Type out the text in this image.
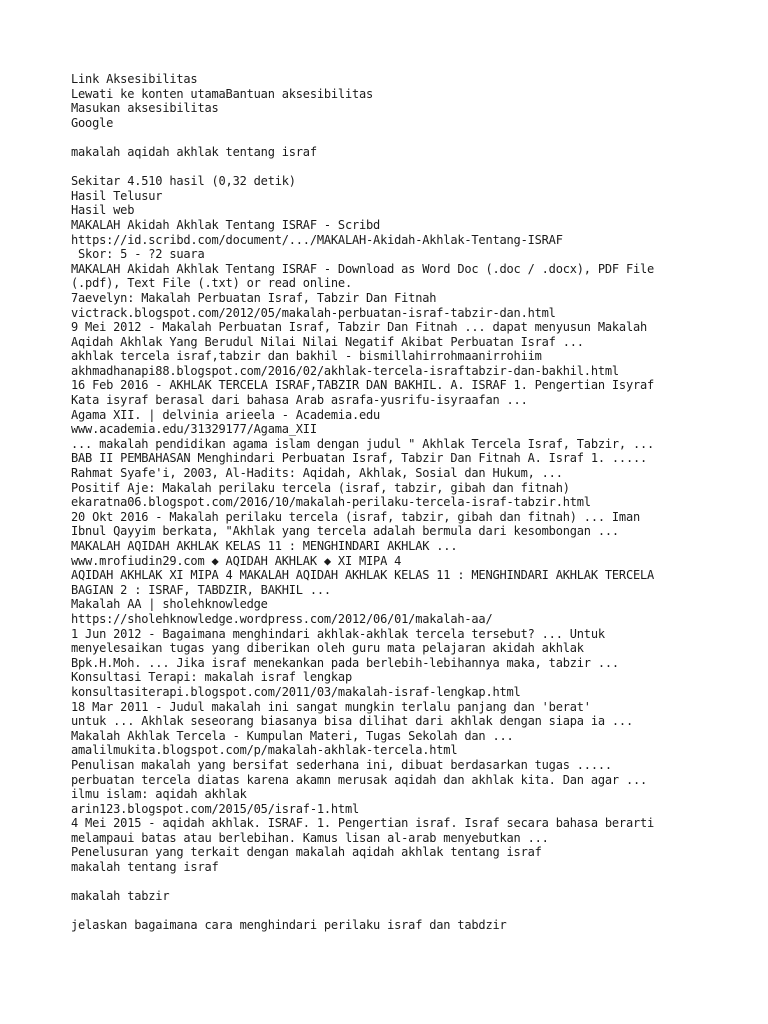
Link Aksesibilitas
Lewati ke konten utamaBantuan aksesibilitas
Masukan aksesibilitas
Google
makalah aqidah akhlak tentang israf
Sekitar 4.510 hasil (0,32 detik)
Hasil Telusur
Hasil web
MAKALAH Akidah Akhlak Tentang ISRAF - Scribd
https://id.scribd.com/document/.../MAKALAH-Akidah-Akhlak-Tentang-ISRAF
Skor: 5 - ?2 suara
MAKALAH Akidah Akhlak Tentang ISRAF - Download as Word Doc (.doc / .docx), PDF File
(.pdf), Text File (.txt) or read online.
7aevelyn: Makalah Perbuatan Israf, Tabzir Dan Fitnah
victrack.blogspot.com/2012/05/makalah-perbuatan-israf-tabzir-dan.html
9 Mei 2012 - Makalah Perbuatan Israf, Tabzir Dan Fitnah ... dapat menyusun Makalah
Aqidah Akhlak Yang Berudul Nilai Nilai Negatif Akibat Perbuatan Israf ...
akhlak tercela israf,tabzir dan bakhil - bismillahirrohmaanirrohiim
akhmadhanapi88.blogspot.com/2016/02/akhlak-tercela-israftabzir-dan-bakhil.html
16 Feb 2016 - AKHLAK TERCELA ISRAF,TABZIR DAN BAKHIL. A. ISRAF 1. Pengertian Isyraf
Kata isyraf berasal dari bahasa Arab asrafa-yusrifu-isyraafan ...
Agama XII. | delvinia arieela - Academia.edu
www.academia.edu/31329177/Agama_XII
... makalah pendidikan agama islam dengan judul " Akhlak Tercela Israf, Tabzir, ...
BAB II PEMBAHASAN Menghindari Perbuatan Israf, Tabzir Dan Fitnah A. Israf 1. .....
Rahmat Syafe'i, 2003, Al-Hadits: Aqidah, Akhlak, Sosial dan Hukum, ...
Positif Aje: Makalah perilaku tercela (israf, tabzir, gibah dan fitnah)
ekaratna06.blogspot.com/2016/10/makalah-perilaku-tercela-israf-tabzir.html
20 Okt 2016 - Makalah perilaku tercela (israf, tabzir, gibah dan fitnah) ... Iman
Ibnul Qayyim berkata, "Akhlak yang tercela adalah bermula dari kesombongan ...
MAKALAH AQIDAH AKHLAK KELAS 11 : MENGHINDARI AKHLAK ...
www.mrofiudin29.com ◆ AQIDAH AKHLAK ◆ XI MIPA 4
AQIDAH AKHLAK XI MIPA 4 MAKALAH AQIDAH AKHLAK KELAS 11 : MENGHINDARI AKHLAK TERCELA
BAGIAN 2 : ISRAF, TABDZIR, BAKHIL ...
Makalah AA | sholehknowledge
https://sholehknowledge.wordpress.com/2012/06/01/makalah-aa/
1 Jun 2012 - Bagaimana menghindari akhlak-akhlak tercela tersebut? ... Untuk
menyelesaikan tugas yang diberikan oleh guru mata pelajaran akidah akhlak
Bpk.H.Moh. ... Jika israf menekankan pada berlebih-lebihannya maka, tabzir ...
Konsultasi Terapi: makalah israf lengkap
konsultasiterapi.blogspot.com/2011/03/makalah-israf-lengkap.html
18 Mar 2011 - Judul makalah ini sangat mungkin terlalu panjang dan 'berat'
untuk ... Akhlak seseorang biasanya bisa dilihat dari akhlak dengan siapa ia ...
Makalah Akhlak Tercela - Kumpulan Materi, Tugas Sekolah dan ...
amalilmukita.blogspot.com/p/makalah-akhlak-tercela.html
Penulisan makalah yang bersifat sederhana ini, dibuat berdasarkan tugas .....
perbuatan tercela diatas karena akamn merusak aqidah dan akhlak kita. Dan agar ...
ilmu islam: aqidah akhlak
arin123.blogspot.com/2015/05/israf-1.html
4 Mei 2015 - aqidah akhlak. ISRAF. 1. Pengertian israf. Israf secara bahasa berarti
melampaui batas atau berlebihan. Kamus lisan al-arab menyebutkan ...
Penelusuran yang terkait dengan makalah aqidah akhlak tentang israf
makalah tentang israf
makalah tabzir
jelaskan bagaimana cara menghindari perilaku israf dan tabdzir
